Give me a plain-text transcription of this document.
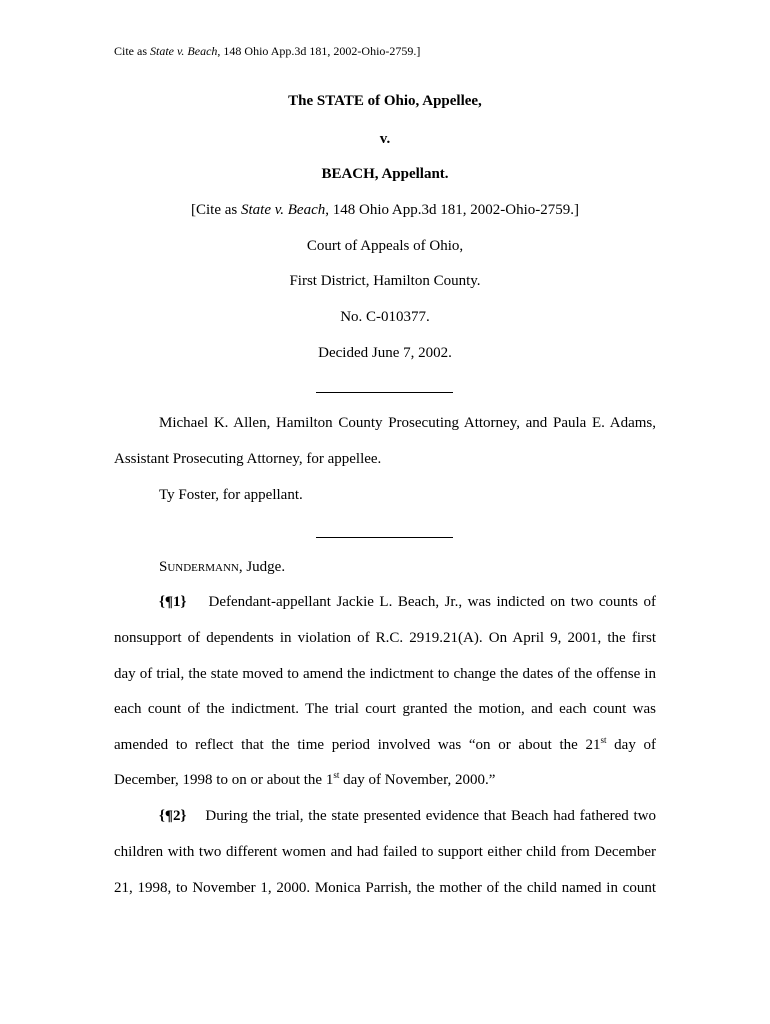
Cite as State v. Beach, 148 Ohio App.3d 181, 2002-Ohio-2759.]
The STATE of Ohio, Appellee,
v.
BEACH, Appellant.
[Cite as State v. Beach, 148 Ohio App.3d 181, 2002-Ohio-2759.]
Court of Appeals of Ohio,
First District, Hamilton County.
No. C-010377.
Decided June 7, 2002.
Michael K. Allen, Hamilton County Prosecuting Attorney, and Paula E. Adams,
Assistant Prosecuting Attorney, for appellee.
Ty Foster, for appellant.
Sundermann, Judge.
{¶1} Defendant-appellant Jackie L. Beach, Jr., was indicted on two counts of
nonsupport of dependents in violation of R.C. 2919.21(A). On April 9, 2001, the first
day of trial, the state moved to amend the indictment to change the dates of the offense in
each count of the indictment. The trial court granted the motion, and each count was
amended to reflect that the time period involved was “on or about the 21st day of
December, 1998 to on or about the 1st day of November, 2000.”
{¶2} During the trial, the state presented evidence that Beach had fathered two
children with two different women and had failed to support either child from December
21, 1998, to November 1, 2000. Monica Parrish, the mother of the child named in count
